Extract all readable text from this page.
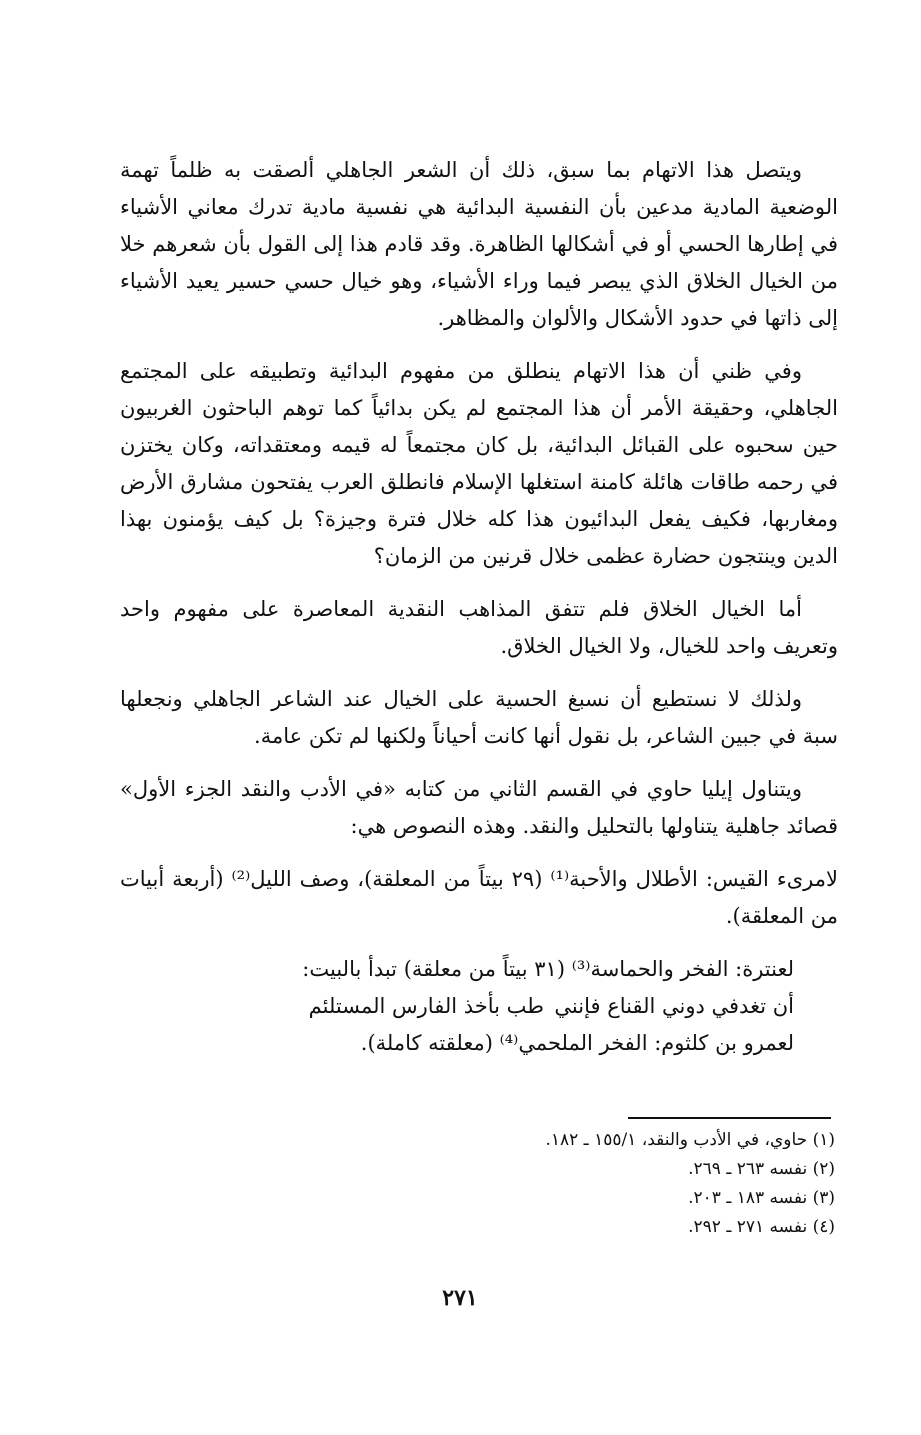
ويتصل هذا الاتهام بما سبق، ذلك أن الشعر الجاهلي ألصقت به ظلماً تهمة الوضعية المادية مدعين بأن النفسية البدائية هي نفسية مادية تدرك معاني الأشياء في إطارها الحسي أو في أشكالها الظاهرة. وقد قادم هذا إلى القول بأن شعرهم خلا من الخيال الخلاق الذي يبصر فيما وراء الأشياء، وهو خيال حسي حسير يعيد الأشياء إلى ذاتها في حدود الأشكال والألوان والمظاهر.

وفي ظني أن هذا الاتهام ينطلق من مفهوم البدائية وتطبيقه على المجتمع الجاهلي، وحقيقة الأمر أن هذا المجتمع لم يكن بدائياً كما توهم الباحثون الغربيون حين سحبوه على القبائل البدائية، بل كان مجتمعاً له قيمه ومعتقداته، وكان يختزن في رحمه طاقات هائلة كامنة استغلها الإسلام فانطلق العرب يفتحون مشارق الأرض ومغاربها، فكيف يفعل البدائيون هذا كله خلال فترة وجيزة؟ بل كيف يؤمنون بهذا الدين وينتجون حضارة عظمى خلال قرنين من الزمان؟

أما الخيال الخلاق فلم تتفق المذاهب النقدية المعاصرة على مفهوم واحد وتعريف واحد للخيال، ولا الخيال الخلاق.

ولذلك لا نستطيع أن نسبغ الحسية على الخيال عند الشاعر الجاهلي ونجعلها سبة في جبين الشاعر، بل نقول أنها كانت أحياناً ولكنها لم تكن عامة.

ويتناول إيليا حاوي في القسم الثاني من كتابه «في الأدب والنقد الجزء الأول» قصائد جاهلية يتناولها بالتحليل والنقد. وهذه النصوص هي:

لامرىء القيس: الأطلال والأحبة⁽¹⁾ (٢٩ بيتاً من المعلقة)، وصف الليل⁽²⁾ (أربعة أبيات من المعلقة).

لعنترة: الفخر والحماسة⁽³⁾ (٣١ بيتاً من معلقة) تبدأ بالبيت:
أن تغدفي دوني القناع فإننيطب بأخذ الفارس المستلئم
لعمرو بن كلثوم: الفخر الملحمي⁽⁴⁾ (معلقته كاملة).
(١) حاوي، في الأدب والنقد، ١٥٥/١ ـ ١٨٢.
(٢) نفسه ٢٦٣ ـ ٢٦٩.
(٣) نفسه ١٨٣ ـ ٢٠٣.
(٤) نفسه ٢٧١ ـ ٢٩٢.
٢٧١
